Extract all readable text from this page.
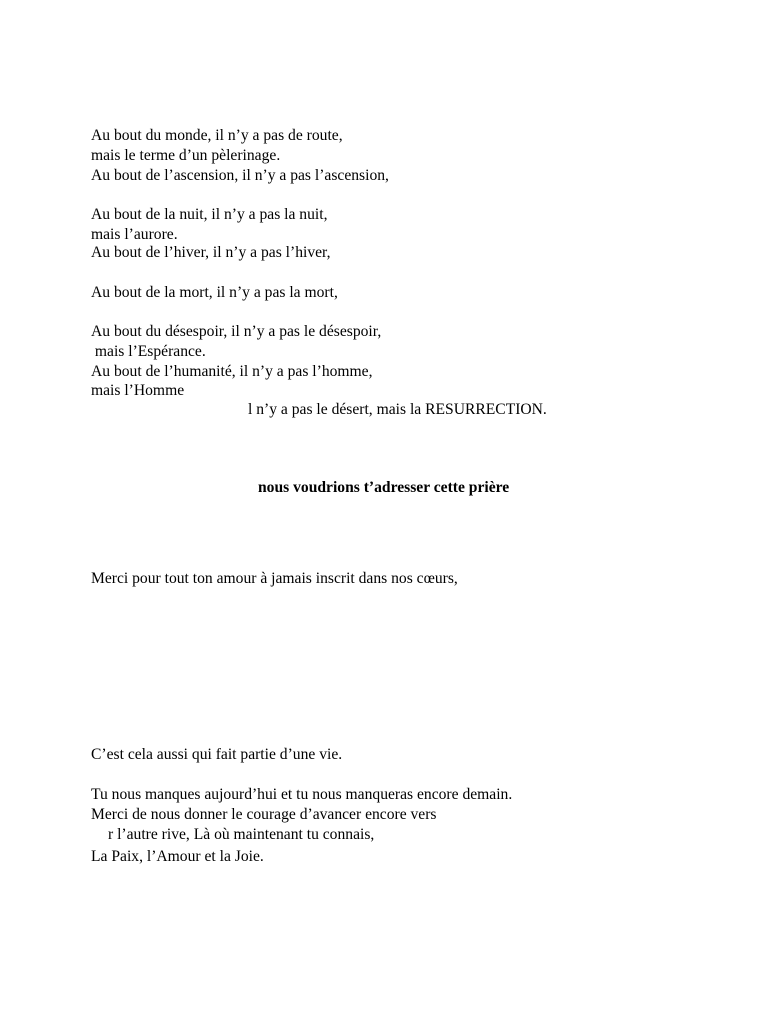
Au bout du monde, il n’y a pas de route,
mais le terme d’un pèlerinage.
Au bout de l’ascension, il n’y a pas l’ascension,
Au bout de la nuit, il n’y a pas la nuit,
mais l’aurore.
Au bout de l’hiver, il n’y a pas l’hiver,
Au bout de la mort, il n’y a pas la mort,
Au bout du désespoir, il n’y a pas le désespoir,
mais l’Espérance.
Au bout de l’humanité, il n’y a pas l’homme,
mais l’Homme
l n’y a pas le désert, mais la RESURRECTION.
nous voudrions t’adresser cette prière
Merci pour tout ton amour à jamais inscrit dans nos cœurs,
C’est cela aussi qui fait partie d’une vie.
Tu nous manques aujourd’hui et tu nous manqueras encore demain.
Merci de nous donner le courage d’avancer encore vers
r l’autre rive, Là où maintenant tu connais,
La Paix, l’Amour et la Joie.
